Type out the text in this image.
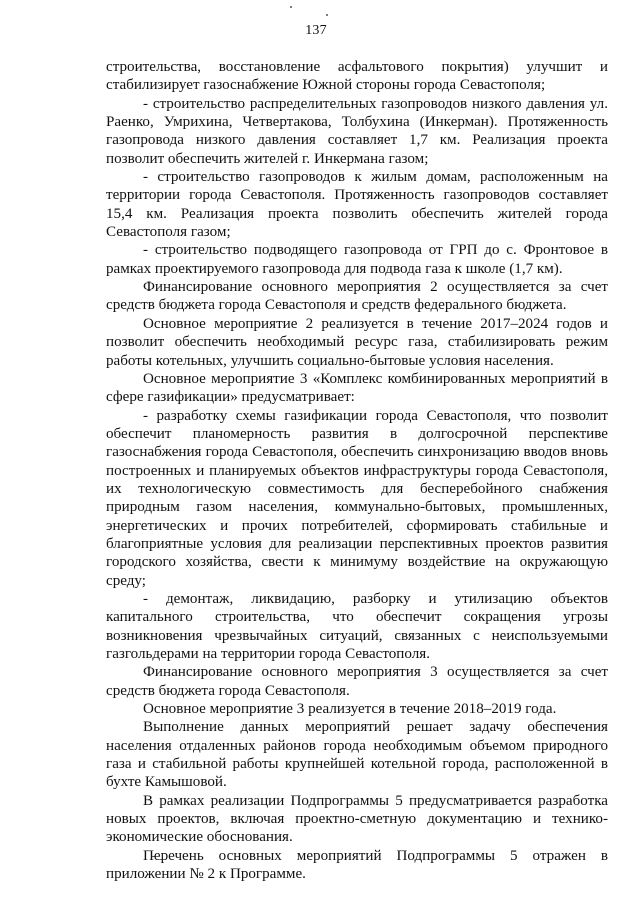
137

строительства, восстановление асфальтового покрытия) улучшит и стабилизирует газоснабжение Южной стороны города Севастополя;

- строительство распределительных газопроводов низкого давления ул. Раенко, Умрихина, Четвертакова, Толбухина (Инкерман). Протяженность газопровода низкого давления составляет 1,7 км. Реализация проекта позволит обеспечить жителей г. Инкермана газом;

- строительство газопроводов к жилым домам, расположенным на территории города Севастополя. Протяженность газопроводов составляет 15,4 км. Реализация проекта позволить обеспечить жителей города Севастополя газом;

- строительство подводящего газопровода от ГРП до с. Фронтовое в рамках проектируемого газопровода для подвода газа к школе (1,7 км).

Финансирование основного мероприятия 2 осуществляется за счет средств бюджета города Севастополя и средств федерального бюджета.

Основное мероприятие 2 реализуется в течение 2017–2024 годов и позволит обеспечить необходимый ресурс газа, стабилизировать режим работы котельных, улучшить социально-бытовые условия населения.

Основное мероприятие 3 «Комплекс комбинированных мероприятий в сфере газификации» предусматривает:

- разработку схемы газификации города Севастополя, что позволит обеспечит планомерность развития в долгосрочной перспективе газоснабжения города Севастополя, обеспечить синхронизацию вводов вновь построенных и планируемых объектов инфраструктуры города Севастополя, их технологическую совместимость для бесперебойного снабжения природным газом населения, коммунально-бытовых, промышленных, энергетических и прочих потребителей, сформировать стабильные и благоприятные условия для реализации перспективных проектов развития городского хозяйства, свести к минимуму воздействие на окружающую среду;

- демонтаж, ликвидацию, разборку и утилизацию объектов капитального строительства, что обеспечит сокращения угрозы возникновения чрезвычайных ситуаций, связанных с неиспользуемыми газгольдерами на территории города Севастополя.

Финансирование основного мероприятия 3 осуществляется за счет средств бюджета города Севастополя.

Основное мероприятие 3 реализуется в течение 2018–2019 года.

Выполнение данных мероприятий решает задачу обеспечения населения отдаленных районов города необходимым объемом природного газа и стабильной работы крупнейшей котельной города, расположенной в бухте Камышовой.

В рамках реализации Подпрограммы 5 предусматривается разработка новых проектов, включая проектно-сметную документацию и технико-экономические обоснования.

Перечень основных мероприятий Подпрограммы 5 отражен в приложении № 2 к Программе.
